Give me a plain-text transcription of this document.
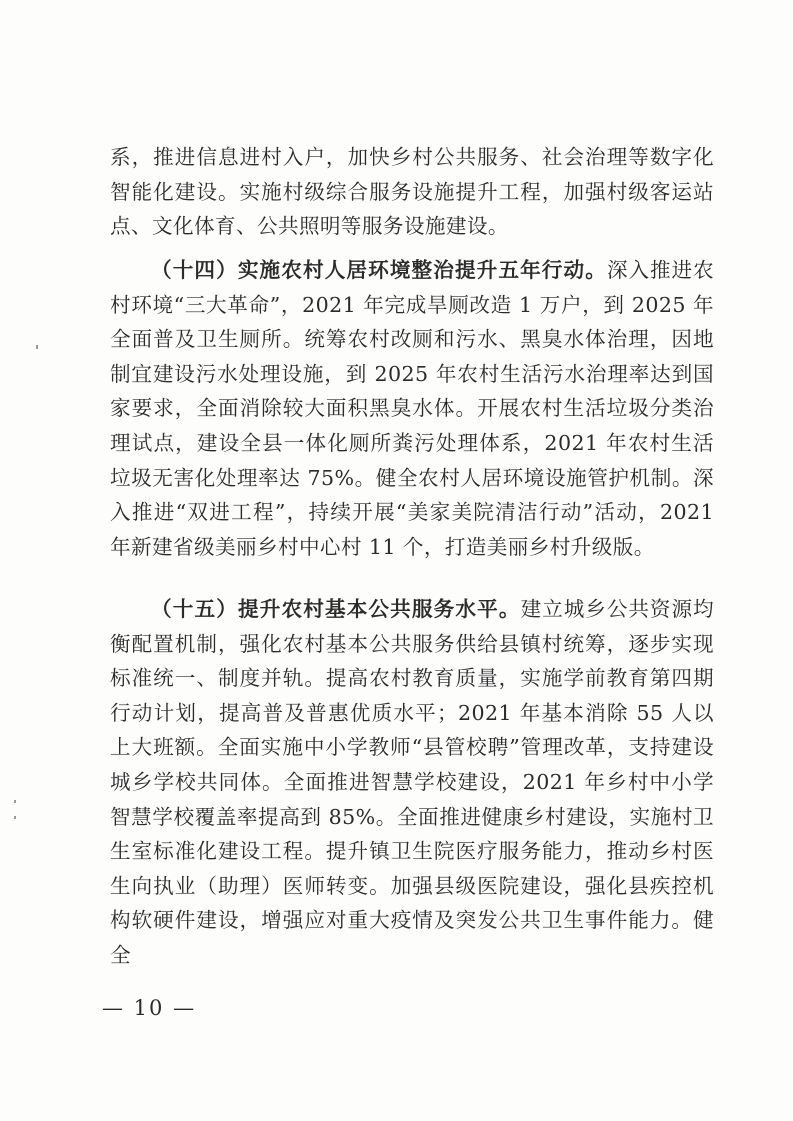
系，推进信息进村入户，加快乡村公共服务、社会治理等数字化智能化建设。实施村级综合服务设施提升工程，加强村级客运站点、文化体育、公共照明等服务设施建设。

（十四）实施农村人居环境整治提升五年行动。深入推进农村环境“三大革命”，2021 年完成旱厕改造 1 万户，到 2025 年全面普及卫生厕所。统筹农村改厕和污水、黑臭水体治理，因地制宜建设污水处理设施，到 2025 年农村生活污水治理率达到国家要求，全面消除较大面积黑臭水体。开展农村生活垃圾分类治理试点，建设全县一体化厕所粪污处理体系，2021 年农村生活垃圾无害化处理率达 75%。健全农村人居环境设施管护机制。深入推进“双进工程”，持续开展“美家美院清洁行动”活动，2021 年新建省级美丽乡村中心村 11 个，打造美丽乡村升级版。

（十五）提升农村基本公共服务水平。建立城乡公共资源均衡配置机制，强化农村基本公共服务供给县镇村统筹，逐步实现标准统一、制度并轨。提高农村教育质量，实施学前教育第四期行动计划，提高普及普惠优质水平；2021 年基本消除 55 人以上大班额。全面实施中小学教师“县管校聘”管理改革，支持建设城乡学校共同体。全面推进智慧学校建设，2021 年乡村中小学智慧学校覆盖率提高到 85%。全面推进健康乡村建设，实施村卫生室标准化建设工程。提升镇卫生院医疗服务能力，推动乡村医生向执业（助理）医师转变。加强县级医院建设，强化县疾控机构软硬件建设，增强应对重大疫情及突发公共卫生事件能力。健全

— 10 —
